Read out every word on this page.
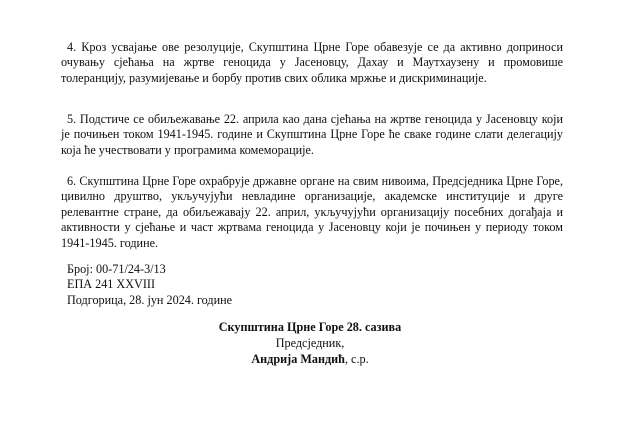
4. Кроз усвајање ове резолуције, Скупштина Црне Горе обавезује се да активно доприноси очувању сјећања на жртве геноцида у Јасеновцу, Дахау и Маутхаузену и промовише толеранцију, разумијевање и борбу против свих облика мржње и дискриминације.

5. Подстиче се обиљежавање 22. априла као дана сјећања на жртве геноцида у Јасеновцу који је почињен током 1941-1945. године и Скупштина Црне Горе ће сваке године слати делегацију која ће учествовати у програмима комеморације.

6. Скупштина Црне Горе охрабрује државне органе на свим нивоима, Предсједника Црне Горе, цивилно друштво, укључујући невладине организације, академске институције и друге релевантне стране, да обиљежавају 22. април, укључујући организацију посебних догађаја и активности у сјећање и част жртвама геноцида у Јасеновцу који је почињен у периоду током 1941-1945. године.

Број: 00-71/24-3/13
ЕПА 241 XXVIII
Подгорица, 28. јун 2024. године
Скупштина Црне Горе 28. сазива
Предсједник,
Андрија Мандић, с.р.
